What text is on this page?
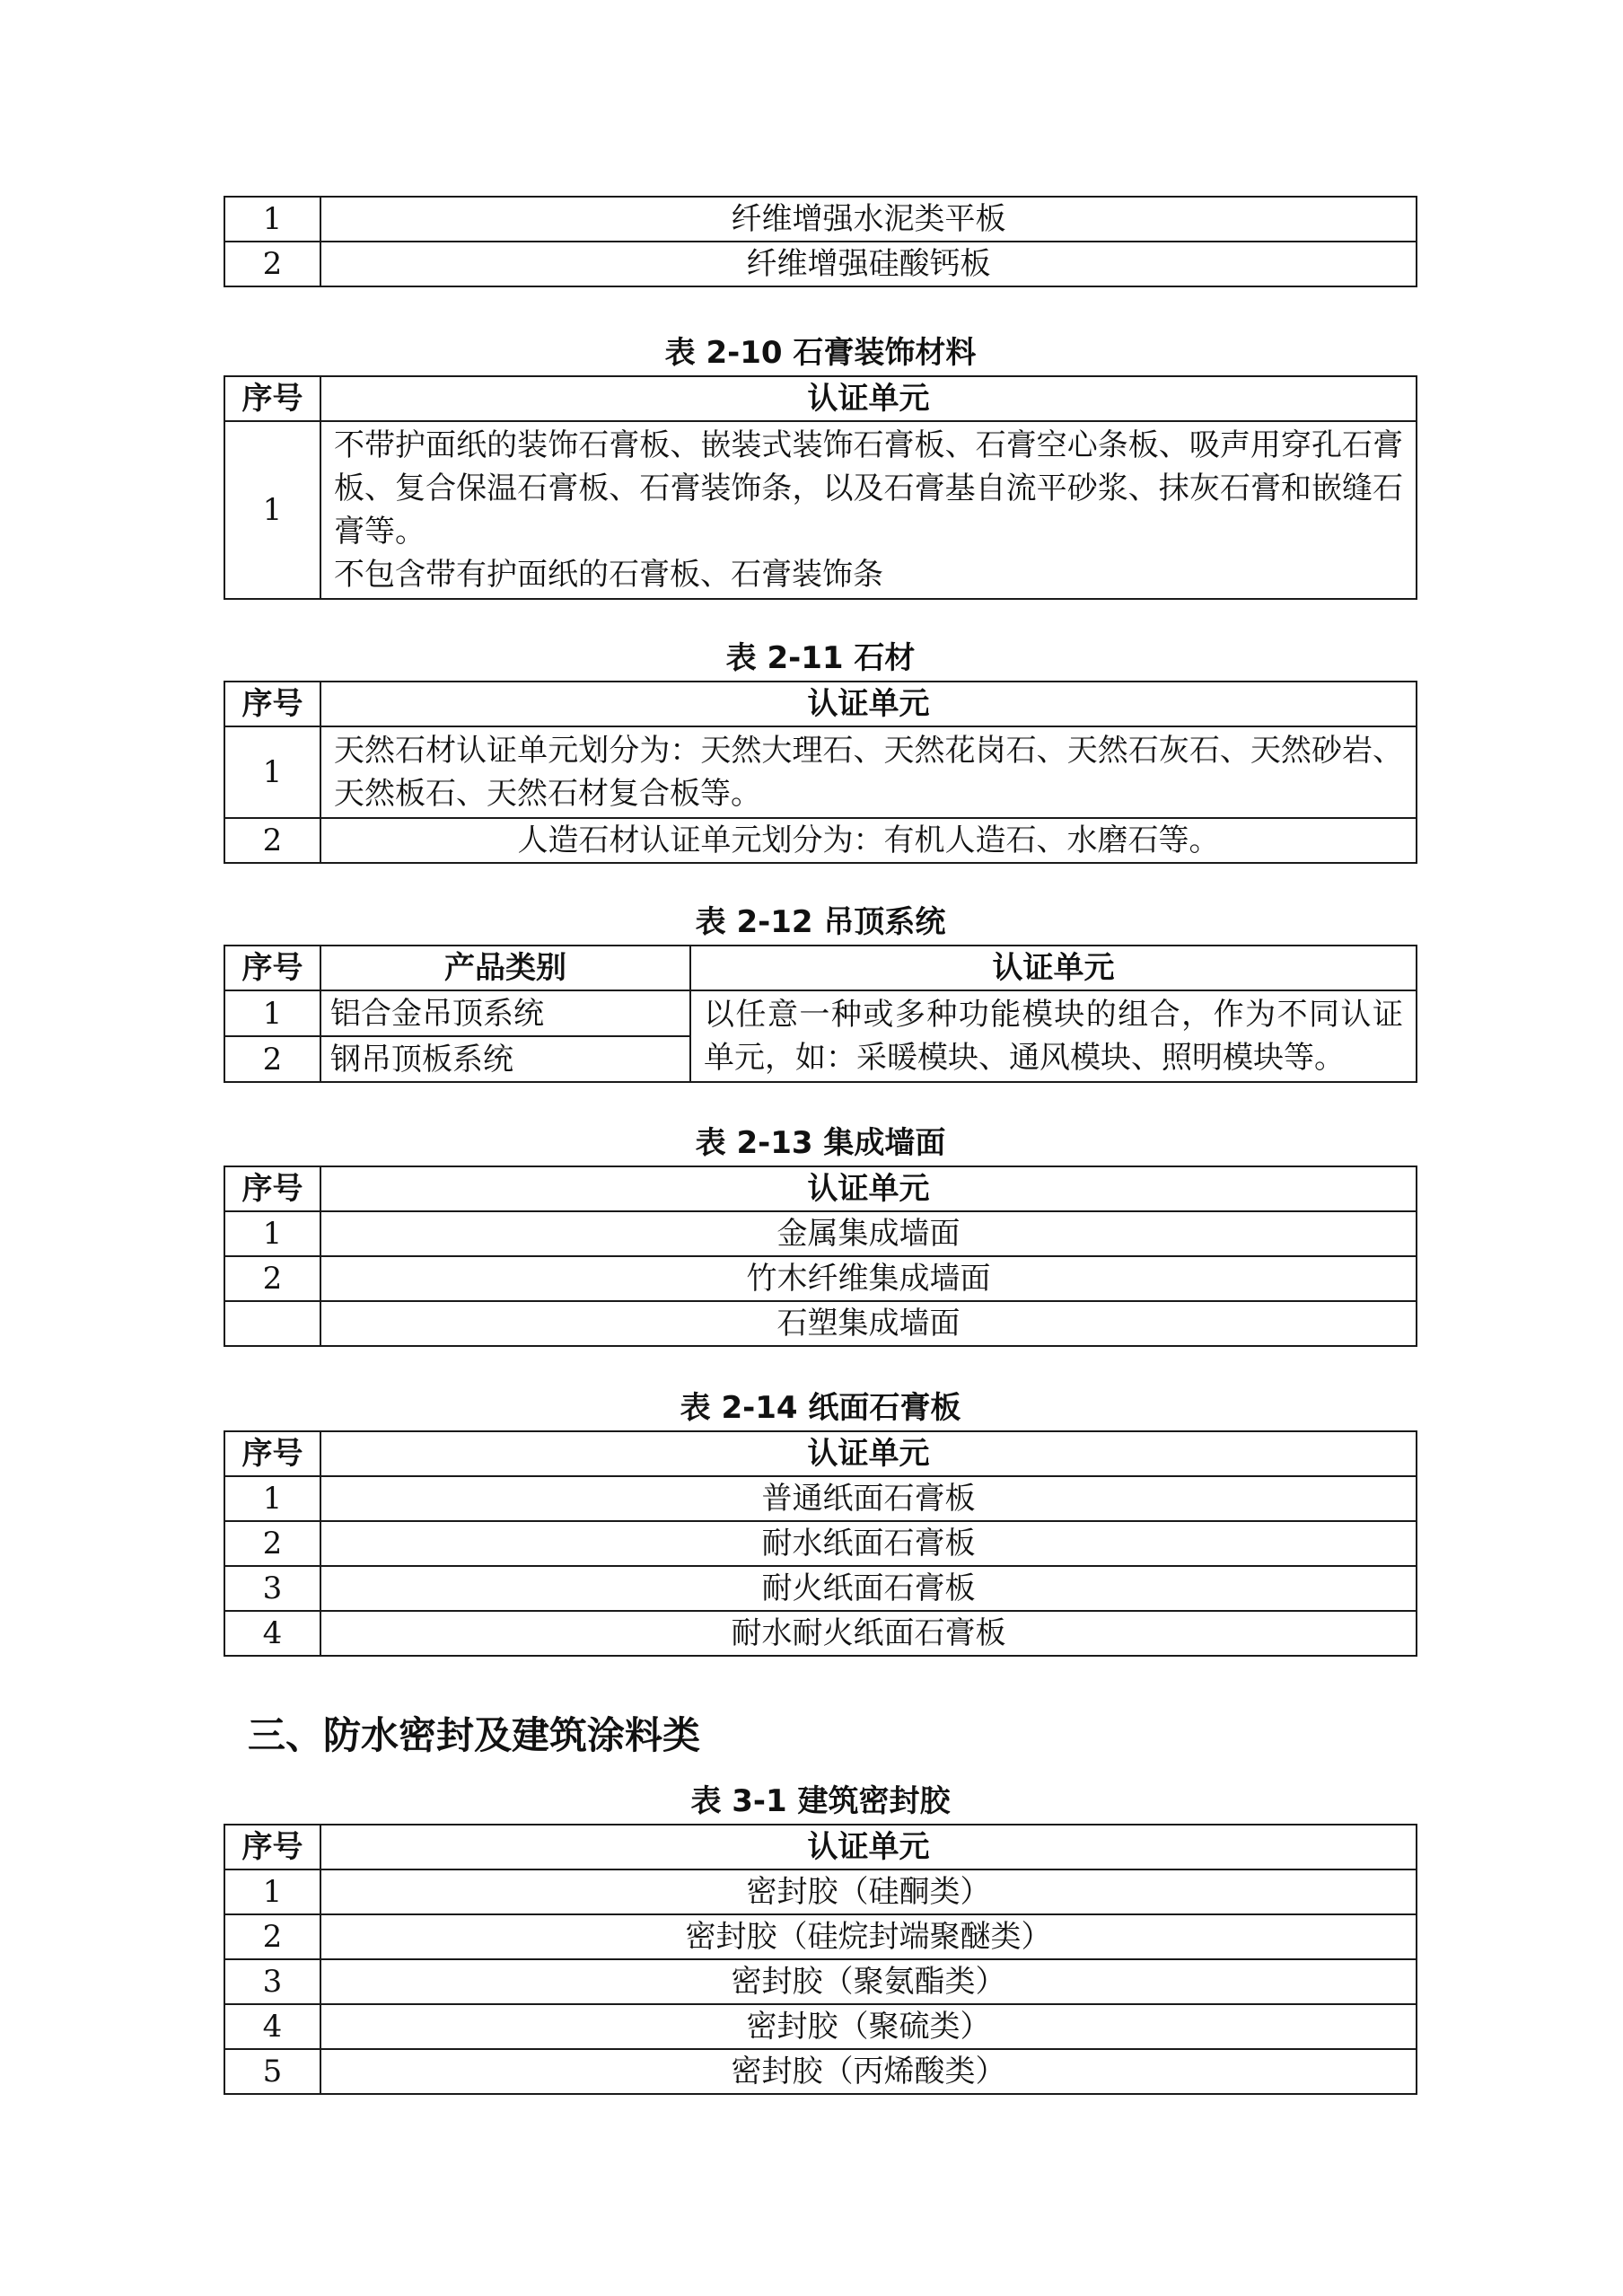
1	纤维增强水泥类平板
2	纤维增强硅酸钙板
表 2-10 石膏装饰材料
序号	认证单元
1	不带护面纸的装饰石膏板、嵌装式装饰石膏板、石膏空心条板、吸声用穿孔石膏板、复合保温石膏板、石膏装饰条，以及石膏基自流平砂浆、抹灰石膏和嵌缝石膏等。
不包含带有护面纸的石膏板、石膏装饰条
表 2-11 石材
序号	认证单元
1	天然石材认证单元划分为：天然大理石、天然花岗石、天然石灰石、天然砂岩、天然板石、天然石材复合板等。
2	人造石材认证单元划分为：有机人造石、水磨石等。
表 2-12 吊顶系统
序号	产品类别	认证单元
1	铝合金吊顶系统	以任意一种或多种功能模块的组合，作为不同认证单元，如：采暖模块、通风模块、照明模块等。
2	钢吊顶板系统	
表 2-13 集成墙面
序号	认证单元
1	金属集成墙面
2	竹木纤维集成墙面
	石塑集成墙面
表 2-14 纸面石膏板
序号	认证单元
1	普通纸面石膏板
2	耐水纸面石膏板
3	耐火纸面石膏板
4	耐水耐火纸面石膏板
三、防水密封及建筑涂料类
表 3-1 建筑密封胶
序号	认证单元
1	密封胶（硅酮类）
2	密封胶（硅烷封端聚醚类）
3	密封胶（聚氨酯类）
4	密封胶（聚硫类）
5	密封胶（丙烯酸类）
